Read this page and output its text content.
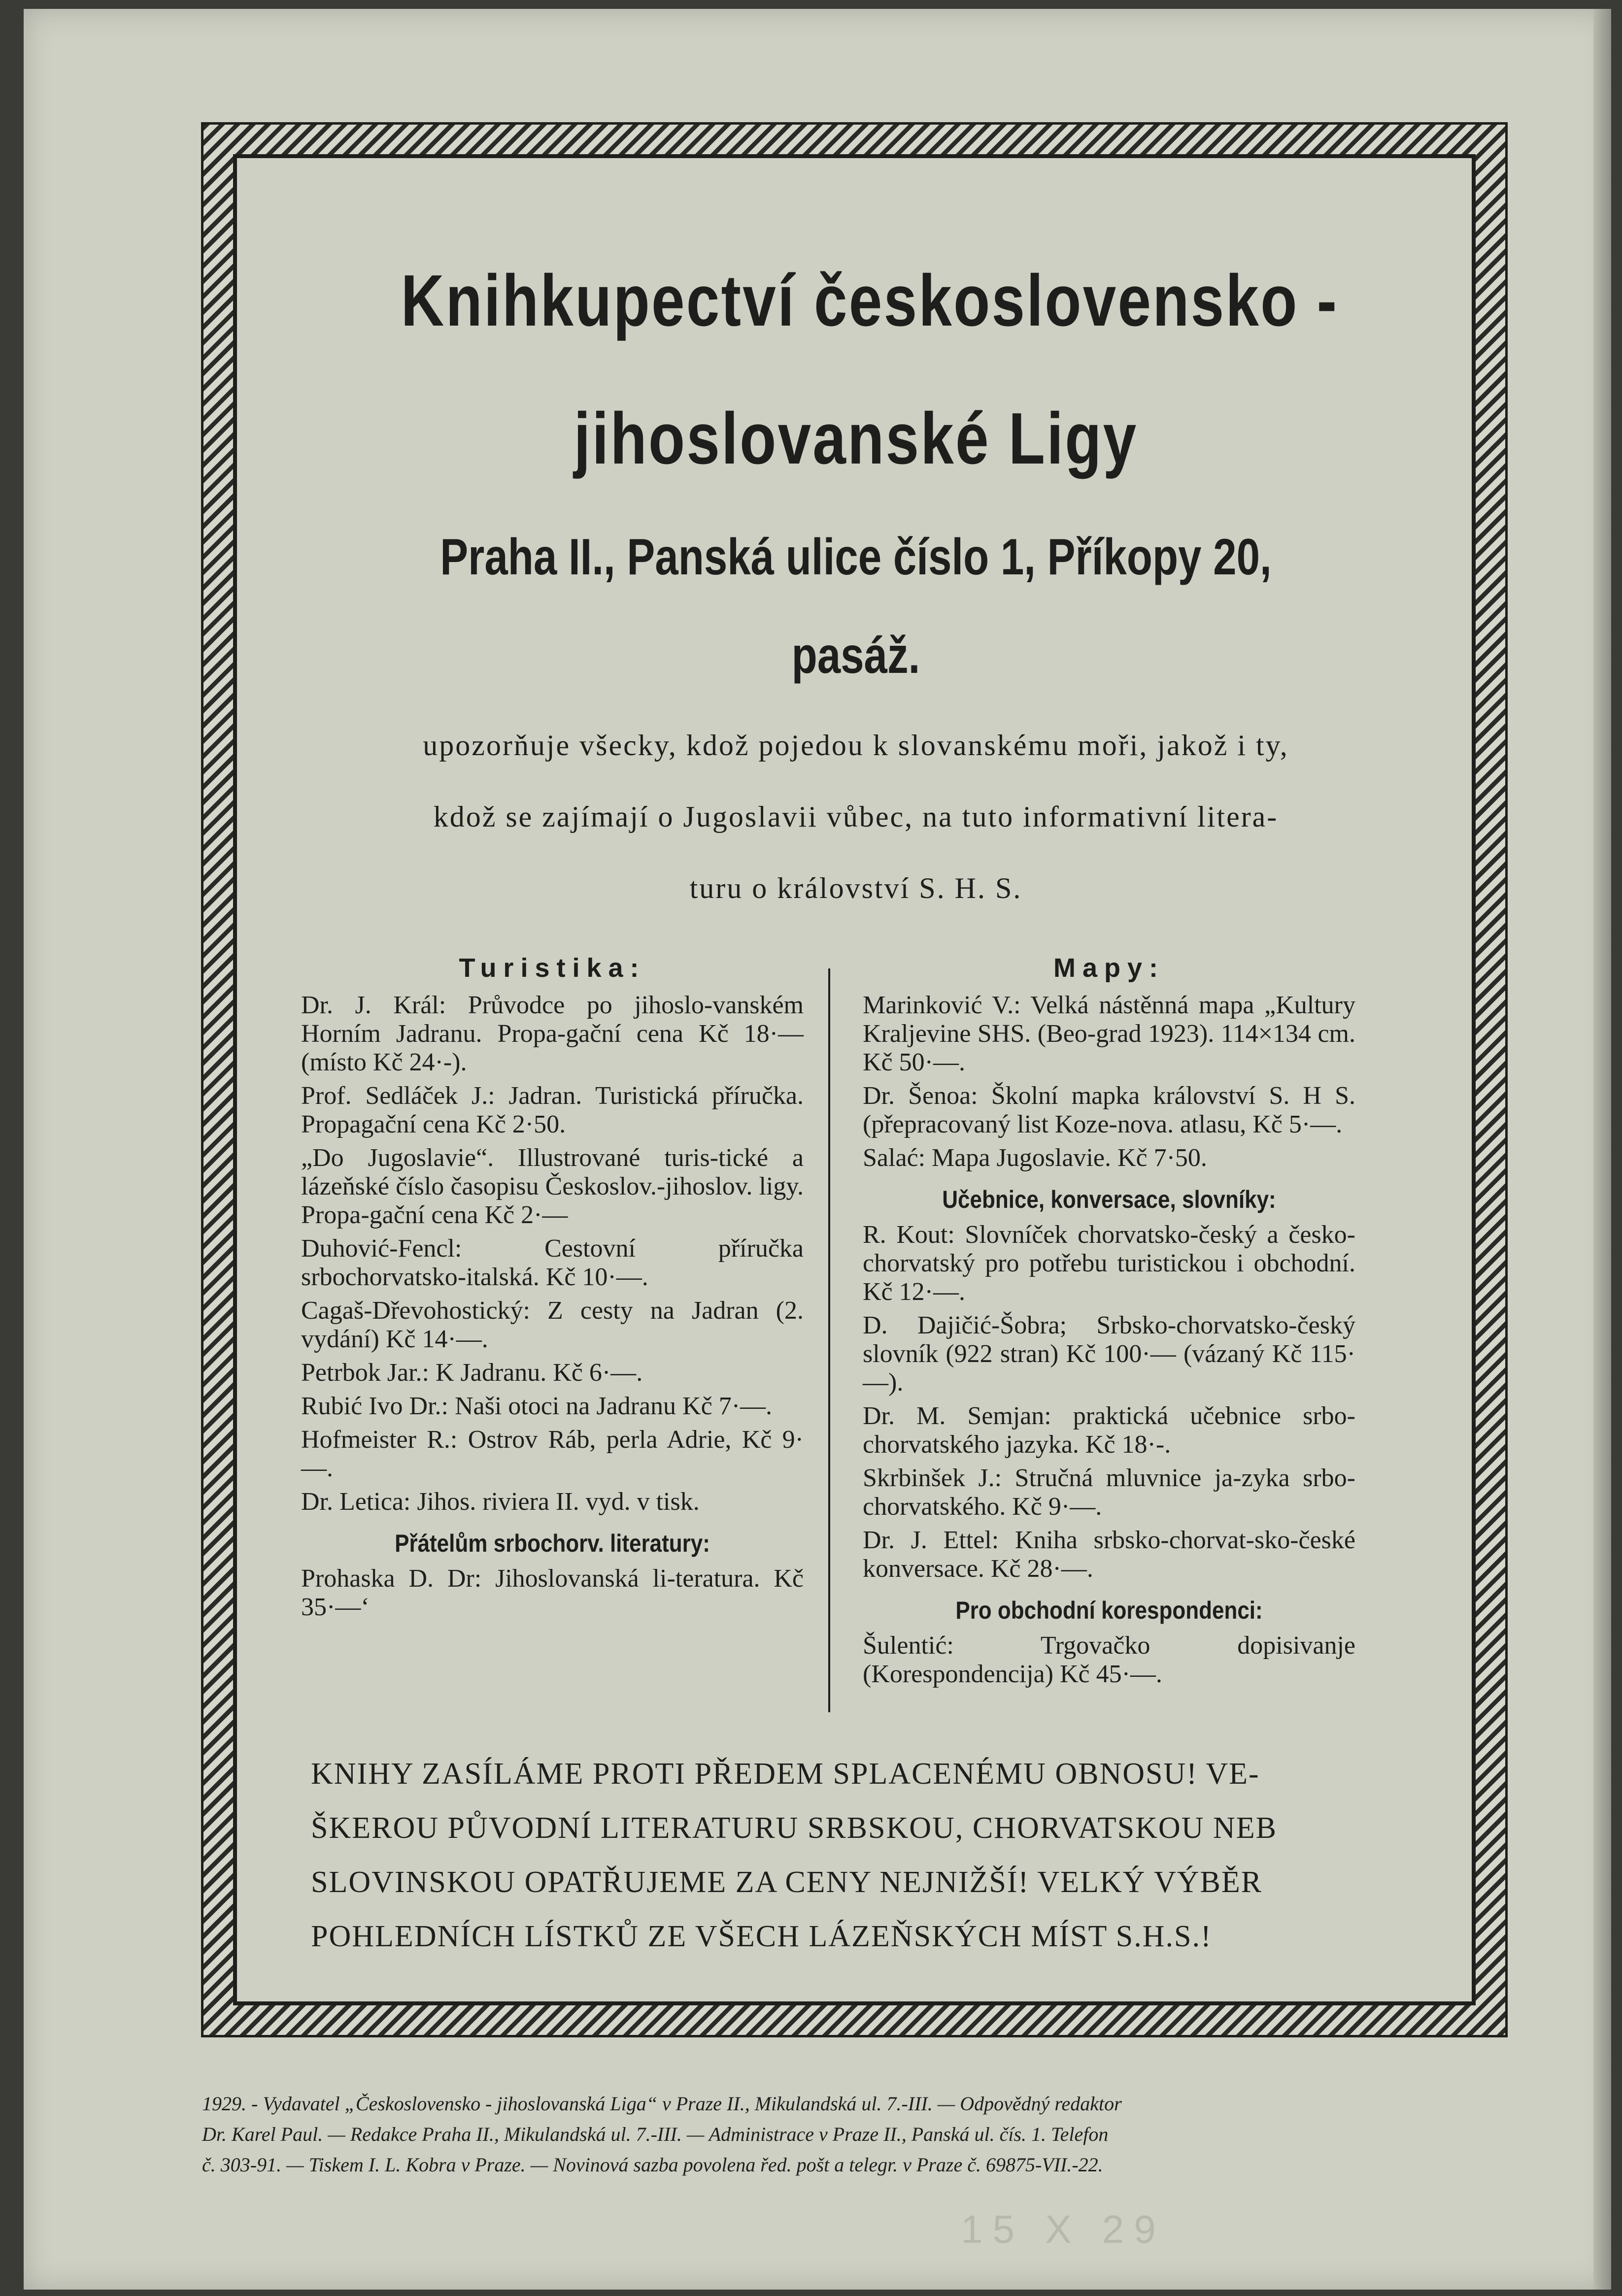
Knihkupectví československo -
jihoslovanské Ligy
Praha II., Panská ulice číslo 1, Příkopy 20,
pasáž.
upozorňuje všecky, kdož pojedou k slovanskému moři, jakož i ty,
kdož se zajímají o Jugoslavii vůbec, na tuto informativní litera-
turu o království S. H. S.
Turistika:
Dr. J. Král: Průvodce po jihoslo-vanském Horním Jadranu. Propa-gační cena Kč 18·— (místo Kč 24·-).
Prof. Sedláček J.: Jadran. Turistická příručka. Propagační cena Kč 2·50.
„Do Jugoslavie“. Illustrované turis-tické a lázeňské číslo časopisu Českoslov.-jihoslov. ligy. Propa-gační cena Kč 2·—
Duhović-Fencl: Cestovní příručka srbochorvatsko-italská. Kč 10·—.
Cagaš-Dřevohostický: Z cesty na Jadran (2. vydání) Kč 14·—.
Petrbok Jar.: K Jadranu. Kč 6·—.
Rubić Ivo Dr.: Naši otoci na Jadranu Kč 7·—.
Hofmeister R.: Ostrov Ráb, perla Adrie, Kč 9·—.
Dr. Letica: Jihos. riviera II. vyd. v tisk.
Přátelům srbochorv. literatury:
Prohaska D. Dr: Jihoslovanská li-teratura. Kč 35·—‘
Mapy:
Marinković V.: Velká nástěnná mapa „Kultury Kraljevine SHS. (Beo-grad 1923). 114×134 cm. Kč 50·—.
Dr. Šenoa: Školní mapka království S. H S. (přepracovaný list Koze-nova. atlasu, Kč 5·—.
Salać: Mapa Jugoslavie. Kč 7·50.
Učebnice, konversace, slovníky:
R. Kout: Slovníček chorvatsko-český a česko-chorvatský pro potřebu turistickou i obchodní. Kč 12·—.
D. Dajičić-Šobra; Srbsko-chorvatsko-český slovník (922 stran) Kč 100·— (vázaný Kč 115·—).
Dr. M. Semjan: praktická učebnice srbo-chorvatského jazyka. Kč 18·-.
Skrbinšek J.: Stručná mluvnice ja-zyka srbo-chorvatského. Kč 9·—.
Dr. J. Ettel: Kniha srbsko-chorvat-sko-české konversace. Kč 28·—.
Pro obchodní korespondenci:
Šulentić: Trgovačko dopisivanje (Korespondencija) Kč 45·—.
KNIHY ZASÍLÁME PROTI PŘEDEM SPLACENÉMU OBNOSU! VE-
ŠKEROU PŮVODNÍ LITERATURU SRBSKOU, CHORVATSKOU NEB
SLOVINSKOU OPATŘUJEME ZA CENY NEJNIŽŠÍ! VELKÝ VÝBĚR
POHLEDNÍCH LÍSTKŮ ZE VŠECH LÁZEŇSKÝCH MÍST S.H.S.!
1929. - Vydavatel „Československo - jihoslovanská Liga“ v Praze II., Mikulandská ul. 7.-III. — Odpovědný redaktor
Dr. Karel Paul. — Redakce Praha II., Mikulandská ul. 7.-III. — Administrace v Praze II., Panská ul. čís. 1. Telefon
č. 303-91. — Tiskem I. L. Kobra v Praze. — Novinová sazba povolena řed. pošt a telegr. v Praze č. 69875-VII.-22.
15 X 29
